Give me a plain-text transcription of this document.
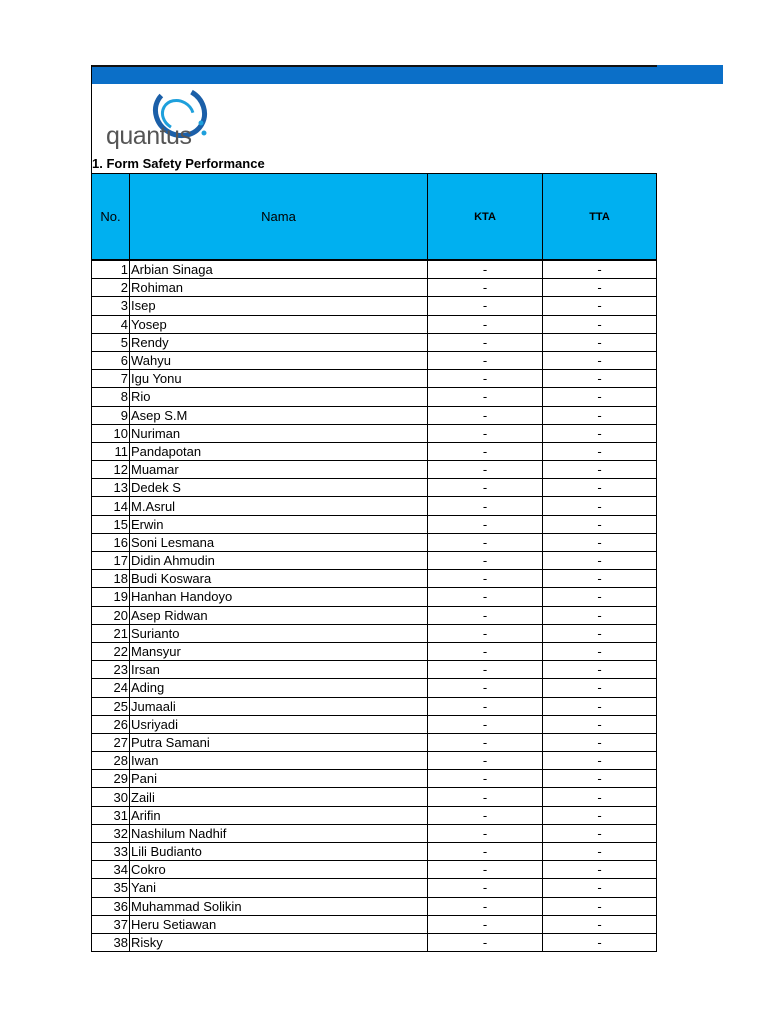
quantus
1. Form Safety Performance
No.	Nama	KTA	TTA
1	Arbian Sinaga	-	-
2	Rohiman	-	-
3	Isep	-	-
4	Yosep	-	-
5	Rendy	-	-
6	Wahyu	-	-
7	Igu Yonu	-	-
8	Rio	-	-
9	Asep S.M	-	-
10	Nuriman	-	-
11	Pandapotan	-	-
12	Muamar	-	-
13	Dedek S	-	-
14	M.Asrul	-	-
15	Erwin	-	-
16	Soni Lesmana	-	-
17	Didin Ahmudin	-	-
18	Budi Koswara	-	-
19	Hanhan Handoyo	-	-
20	Asep Ridwan	-	-
21	Surianto	-	-
22	Mansyur	-	-
23	Irsan	-	-
24	Ading	-	-
25	Jumaali	-	-
26	Usriyadi	-	-
27	Putra Samani	-	-
28	Iwan	-	-
29	Pani	-	-
30	Zaili	-	-
31	Arifin	-	-
32	Nashilum Nadhif	-	-
33	Lili Budianto	-	-
34	Cokro	-	-
35	Yani	-	-
36	Muhammad Solikin	-	-
37	Heru Setiawan	-	-
38	Risky	-	-
